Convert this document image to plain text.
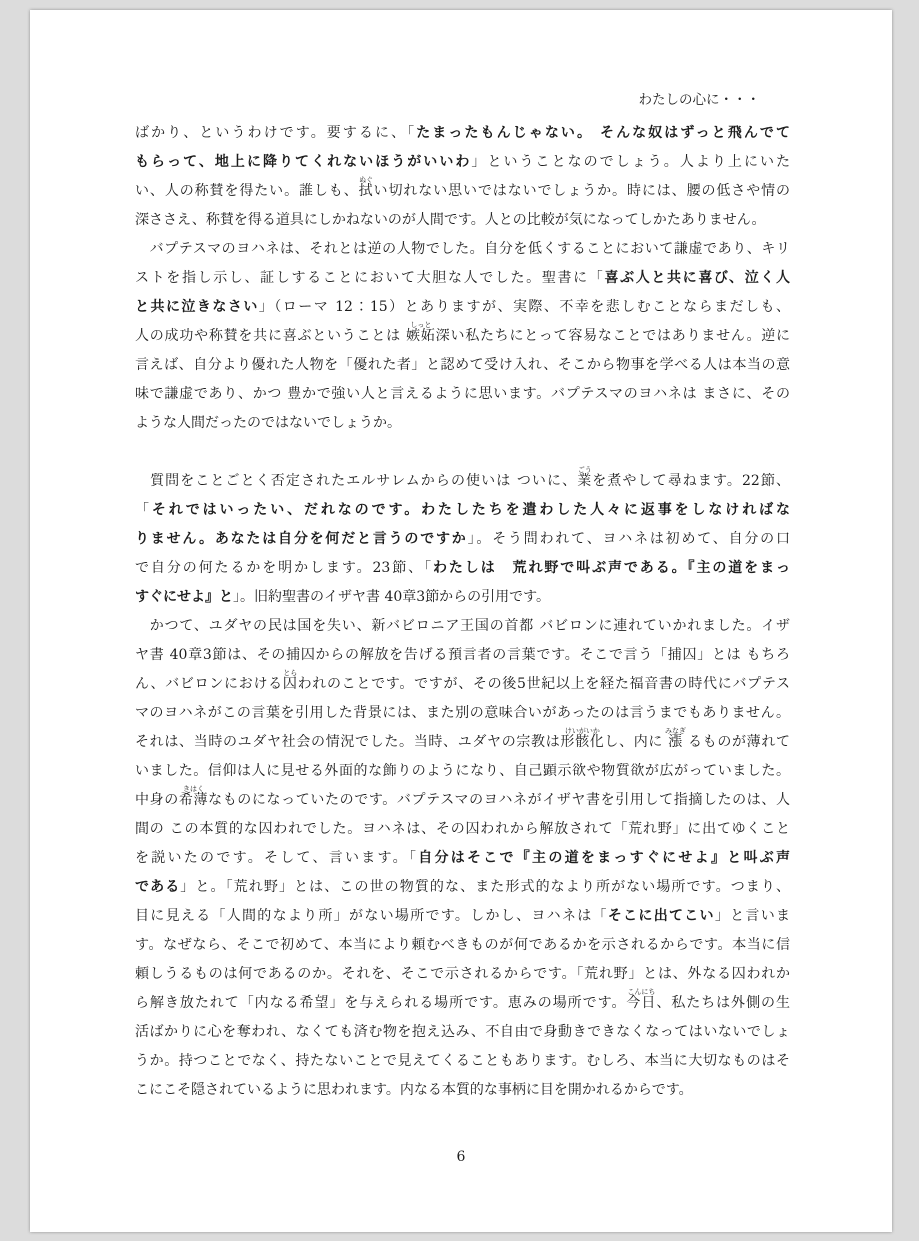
わたしの心に・・・
ばかり、というわけです。要するに、「たまったもんじゃない。 そんな奴はずっと飛んでて
もらって、地上に降りてくれないほうがいいわ」ということなのでしょう。人より上にいた
い、人の称賛を得たい。誰しも、拭
ぬぐ
い切れない思いではないでしょうか。時には、腰の低さや情の
深ささえ、称賛を得る道具にしかねないのが人間です。人との比較が気になってしかたありません。
　バプテスマのヨハネは、それとは逆の人物でした。自分を低くすることにおいて謙虚であり、キリ
ストを指し示し、証しすることにおいて大胆な人でした。聖書に「喜ぶ人と共に喜び、泣く人
と共に泣きなさい」（ローマ 12：15）とありますが、実際、不幸を悲しむことならまだしも、
人の成功や称賛を共に喜ぶということは 嫉妬
しっと
深い私たちにとって容易なことではありません。逆に
言えば、自分より優れた人物を「優れた者」と認めて受け入れ、そこから物事を学べる人は本当の意
味で謙虚であり、かつ 豊かで強い人と言えるように思います。バプテスマのヨハネは まさに、その
ような人間だったのではないでしょうか。
　質問をことごとく否定されたエルサレムからの使いは ついに、業
ごう
を煮やして尋ねます。22節、
「それではいったい、だれなのです。わたしたちを遣わした人々に返事をしなければな
りません。あなたは自分を何だと言うのですか」。そう問われて、ヨハネは初めて、自分の口
で自分の何たるかを明かします。23節、「わたしは　荒れ野で叫ぶ声である。『主の道をまっ
すぐにせよ』と」。旧約聖書のイザヤ書 40章3節からの引用です。
　かつて、ユダヤの民は国を失い、新バビロニア王国の首都 バビロンに連れていかれました。イザ
ヤ書 40章3節は、その捕囚からの解放を告げる預言者の言葉です。そこで言う「捕囚」とは もちろ
ん、バビロンにおける囚
とら
われのことです。ですが、その後5世紀以上を経た福音書の時代にバプテス
マのヨハネがこの言葉を引用した背景には、また別の意味合いがあったのは言うまでもありません。
それは、当時のユダヤ社会の情況でした。当時、ユダヤの宗教は形骸化
けいがいか
し、内に 漲
みなぎ
るものが薄れて
いました。信仰は人に見せる外面的な飾りのようになり、自己顕示欲や物質欲が広がっていました。
中身の希薄
きはく
なものになっていたのです。バプテスマのヨハネがイザヤ書を引用して指摘したのは、人
間の この本質的な囚われでした。ヨハネは、その囚われから解放されて「荒れ野」に出てゆくこと
を説いたのです。そして、言います。「自分はそこで『主の道をまっすぐにせよ』と叫ぶ声
である」と。「荒れ野」とは、この世の物質的な、また形式的なより所がない場所です。つまり、
目に見える「人間的なより所」がない場所です。しかし、ヨハネは「そこに出てこい」と言いま
す。なぜなら、そこで初めて、本当により頼むべきものが何であるかを示されるからです。本当に信
頼しうるものは何であるのか。それを、そこで示されるからです。「荒れ野」とは、外なる囚われか
ら解き放たれて「内なる希望」を与えられる場所です。恵みの場所です。今日
こんにち
、私たちは外側の生
活ばかりに心を奪われ、なくても済む物を抱え込み、不自由で身動きできなくなってはいないでしょ
うか。持つことでなく、持たないことで見えてくることもあります。むしろ、本当に大切なものはそ
こにこそ隠されているように思われます。内なる本質的な事柄に目を開かれるからです。
6
